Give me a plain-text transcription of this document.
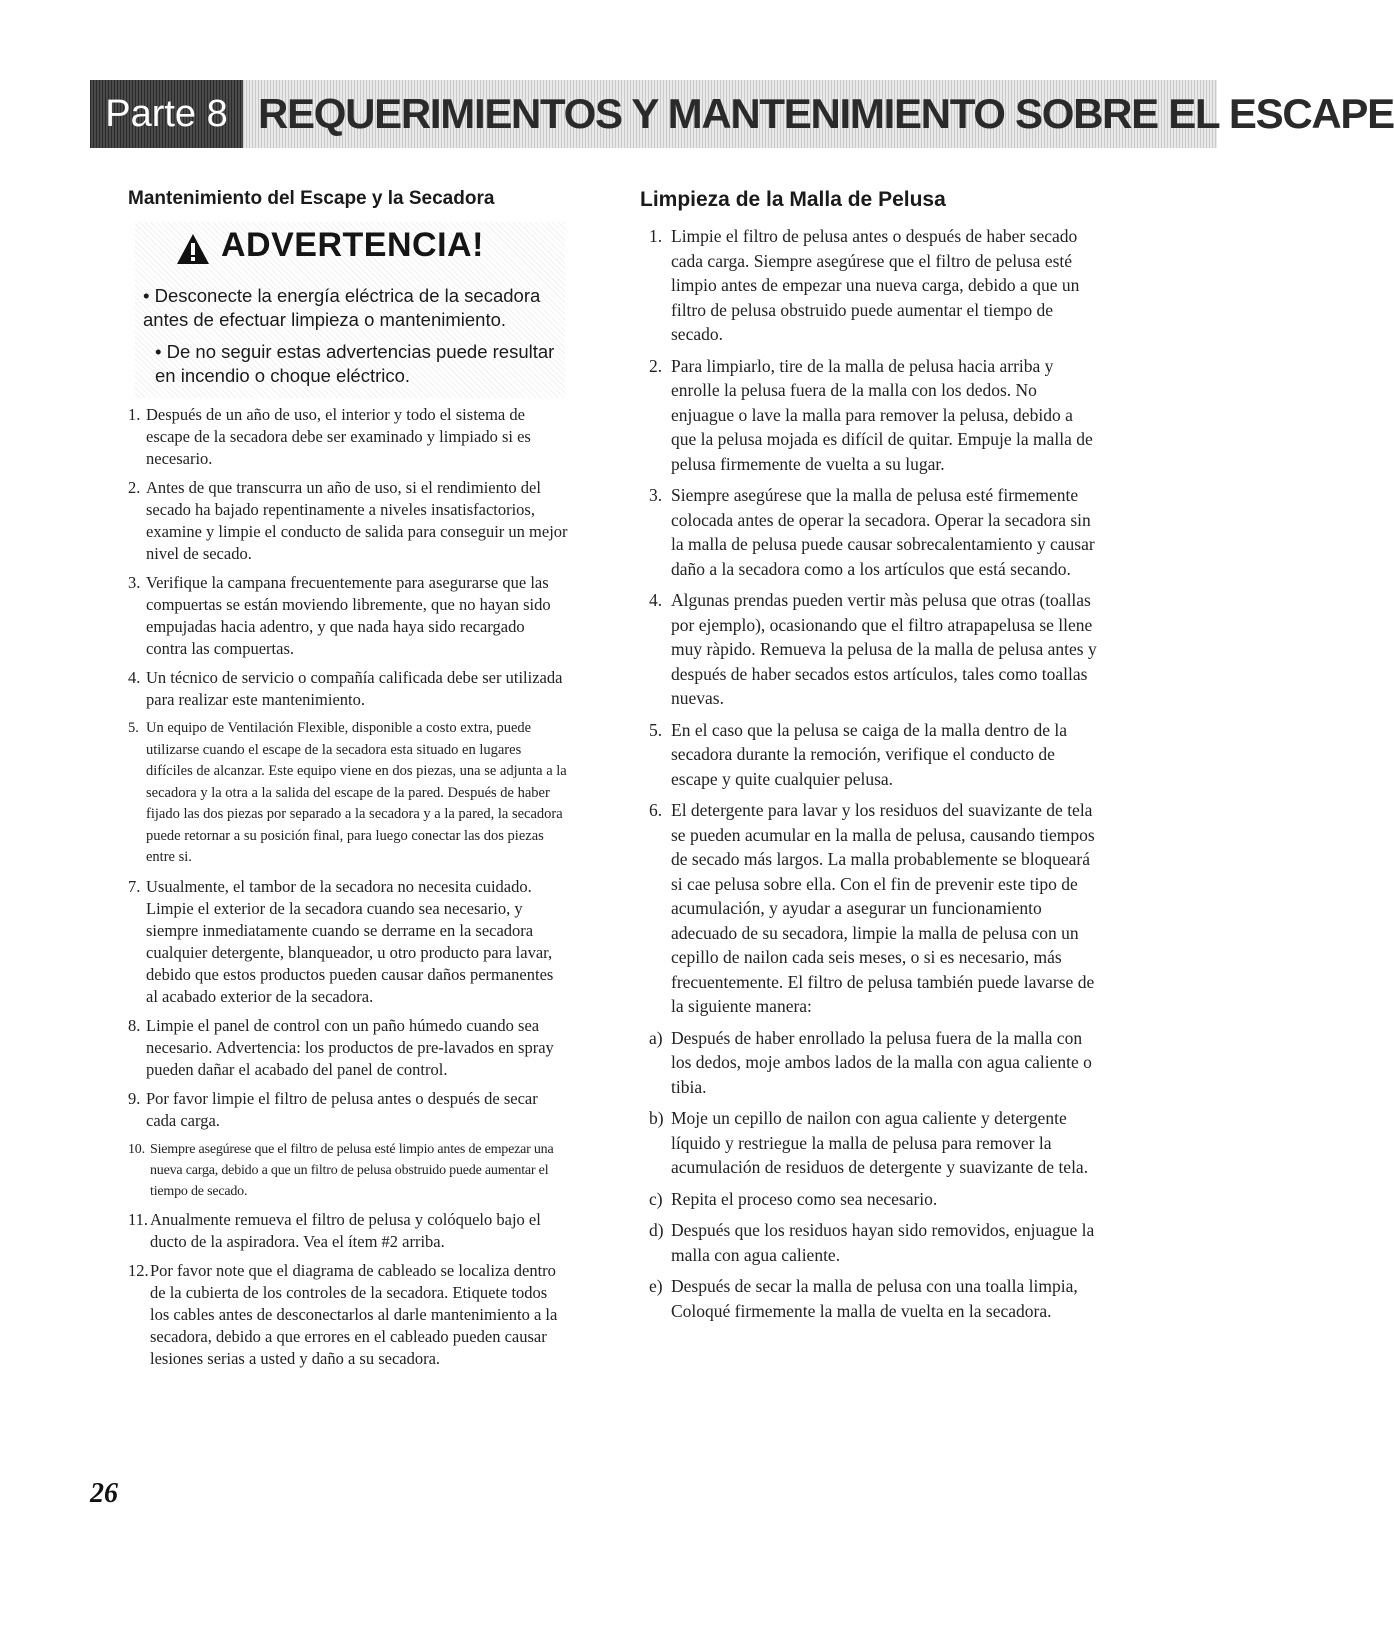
Parte 8 REQUERIMIENTOS Y MANTENIMIENTO SOBRE EL ESCAPE
Mantenimiento del Escape y la Secadora
ADVERTENCIA!
• Desconecte la energía eléctrica de la secadora antes de efectuar limpieza o mantenimiento.
• De no seguir estas advertencias puede resultar en incendio o choque eléctrico.
1. Después de un año de uso, el interior y todo el sistema de escape de la secadora debe ser examinado y limpiado si es necesario.
2. Antes de que transcurra un año de uso, si el rendimiento del secado ha bajado repentinamente a niveles insatisfactorios, examine y limpie el conducto de salida para conseguir un mejor nivel de secado.
3. Verifique la campana frecuentemente para asegurarse que las compuertas se están moviendo libremente, que no hayan sido empujadas hacia adentro, y que nada haya sido recargado contra las compuertas.
4. Un técnico de servicio o compañía calificada debe ser utilizada para realizar este mantenimiento.
5. Un equipo de Ventilación Flexible, disponible a costo extra, puede utilizarse cuando el escape de la secadora esta situado en lugares difíciles de alcanzar. Este equipo viene en dos piezas, una se adjunta a la secadora y la otra a la salida del escape de la pared. Después de haber fijado las dos piezas por separado a la secadora y a la pared, la secadora puede retornar a su posición final, para luego conectar las dos piezas entre si.
7. Usualmente, el tambor de la secadora no necesita cuidado. Limpie el exterior de la secadora cuando sea necesario, y siempre inmediatamente cuando se derrame en la secadora cualquier detergente, blanqueador, u otro producto para lavar, debido que estos productos pueden causar daños permanentes al acabado exterior de la secadora.
8. Limpie el panel de control con un paño húmedo cuando sea necesario. Advertencia: los productos de pre-lavados en spray pueden dañar el acabado del panel de control.
9. Por favor limpie el filtro de pelusa antes o después de secar cada carga.
10. Siempre asegúrese que el filtro de pelusa esté limpio antes de empezar una nueva carga, debido a que un filtro de pelusa obstruido puede aumentar el tiempo de secado.
11. Anualmente remueva el filtro de pelusa y colóquelo bajo el ducto de la aspiradora. Vea el ítem #2 arriba.
12. Por favor note que el diagrama de cableado se localiza dentro de la cubierta de los controles de la secadora. Etiquete todos los cables antes de desconectarlos al darle mantenimiento a la secadora, debido a que errores en el cableado pueden causar lesiones serias a usted y daño a su secadora.
Limpieza de la Malla de Pelusa
1. Limpie el filtro de pelusa antes o después de haber secado cada carga. Siempre asegúrese que el filtro de pelusa esté limpio antes de empezar una nueva carga, debido a que un filtro de pelusa obstruido puede aumentar el tiempo de secado.
2. Para limpiarlo, tire de la malla de pelusa hacia arriba y enrolle la pelusa fuera de la malla con los dedos. No enjuague o lave la malla para remover la pelusa, debido a que la pelusa mojada es difícil de quitar. Empuje la malla de pelusa firmemente de vuelta a su lugar.
3. Siempre asegúrese que la malla de pelusa esté firmemente colocada antes de operar la secadora. Operar la secadora sin la malla de pelusa puede causar sobrecalentamiento y causar daño a la secadora como a los artículos que está secando.
4. Algunas prendas pueden vertir màs pelusa que otras (toallas por ejemplo), ocasionando que el filtro atrapapelusa se llene muy ràpido. Remueva la pelusa de la malla de pelusa antes y después de haber secados estos artículos, tales como toallas nuevas.
5. En el caso que la pelusa se caiga de la malla dentro de la secadora durante la remoción, verifique el conducto de escape y quite cualquier pelusa.
6. El detergente para lavar y los residuos del suavizante de tela se pueden acumular en la malla de pelusa, causando tiempos de secado más largos. La malla probablemente se bloqueará si cae pelusa sobre ella. Con el fin de prevenir este tipo de acumulación, y ayudar a asegurar un funcionamiento adecuado de su secadora, limpie la malla de pelusa con un cepillo de nailon cada seis meses, o si es necesario, más frecuentemente. El filtro de pelusa también puede lavarse de la siguiente manera:
a) Después de haber enrollado la pelusa fuera de la malla con los dedos, moje ambos lados de la malla con agua caliente o tibia.
b) Moje un cepillo de nailon con agua caliente y detergente líquido y restriegue la malla de pelusa para remover la acumulación de residuos de detergente y suavizante de tela.
c) Repita el proceso como sea necesario.
d) Después que los residuos hayan sido removidos, enjuague la malla con agua caliente.
e) Después de secar la malla de pelusa con una toalla limpia, Coloqué firmemente la malla de vuelta en la secadora.
26
